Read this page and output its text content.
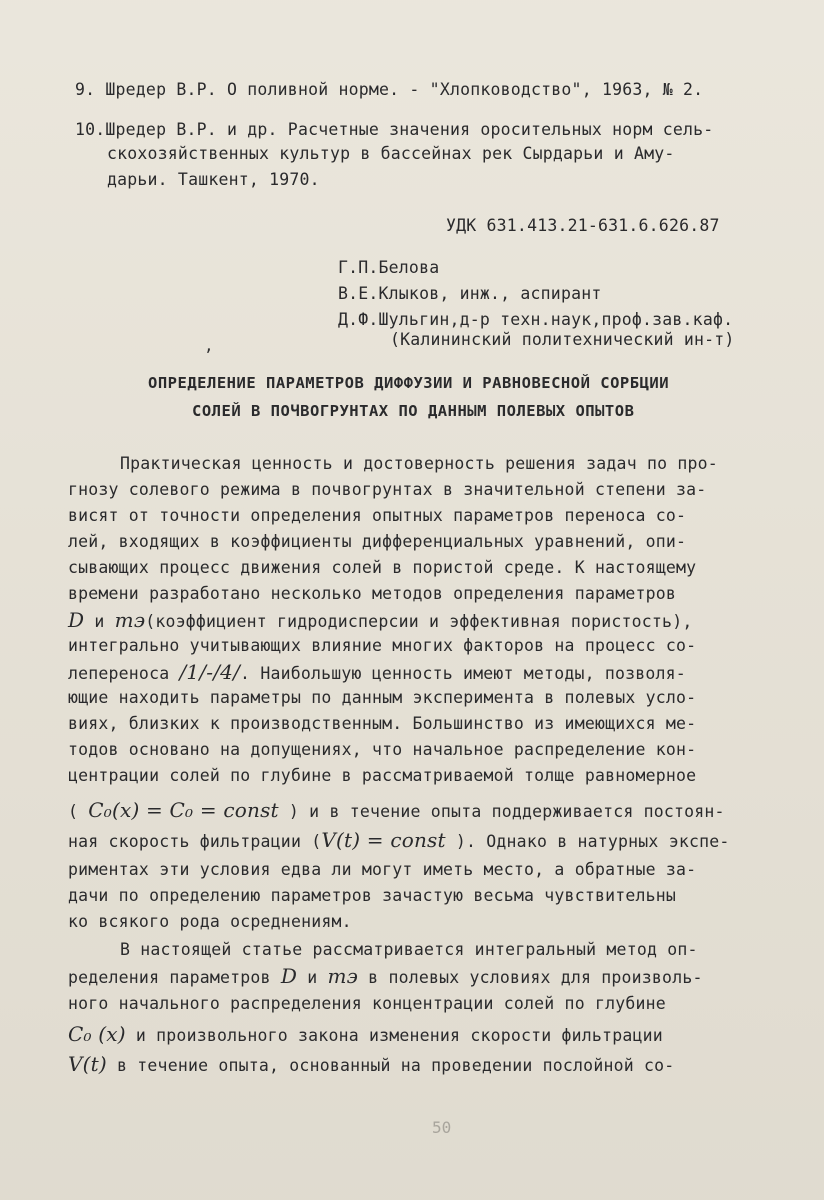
9. Шредер В.Р. О поливной норме. - "Хлопководство", 1963, № 2.
10.Шредер В.Р. и др. Расчетные значения оросительных норм сель-
скохозяйственных культур в бассейнах рек Сырдарьи и Аму-
дарьи. Ташкент, 1970.
УДК 631.413.21-631.6.626.87
Г.П.Белова
В.Е.Клыков, инж., аспирант
Д.Ф.Шульгин,д-р техн.наук,проф.зав.каф.
,	(Калининский политехнический ин-т)
ОПРЕДЕЛЕНИЕ ПАРАМЕТРОВ ДИФФУЗИИ И РАВНОВЕСНОЙ СОРБЦИИ
СОЛЕЙ В ПОЧВОГРУНТАХ ПО ДАННЫМ ПОЛЕВЫХ ОПЫТОВ
Практическая ценность и достоверность решения задач по про-
гнозу солевого режима в почвогрунтах в значительной степени за-
висят от точности определения опытных параметров переноса со-
лей, входящих в коэффициенты дифференциальных уравнений, опи-
сывающих процесс движения солей в пористой среде. К настоящему
времени разработано несколько методов определения параметров
D и mэ(коэффициент гидродисперсии и эффективная пористость),
интегрально учитывающих влияние многих факторов на процесс со-
лепереноса /1/-/4/. Наибольшую ценность имеют методы, позволя-
ющие находить параметры по данным эксперимента в полевых усло-
виях, близких к производственным. Большинство из имеющихся ме-
тодов основано на допущениях, что начальное распределение кон-
центрации солей по глубине в рассматриваемой толще равномерное
( C₀(x) = C₀ = const ) и в течение опыта поддерживается постоян-
ная скорость фильтрации (V(t) = const ). Однако в натурных экспе-
риментах эти условия едва ли могут иметь место, а обратные за-
дачи по определению параметров зачастую весьма чувствительны
ко всякого рода осреднениям.
В настоящей статье рассматривается интегральный метод оп-
ределения параметров D и mэ в полевых условиях для произволь-
ного начального распределения концентрации солей по глубине
C₀ (x) и произвольного закона изменения скорости фильтрации
V(t) в течение опыта, основанный на проведении послойной со-
50
